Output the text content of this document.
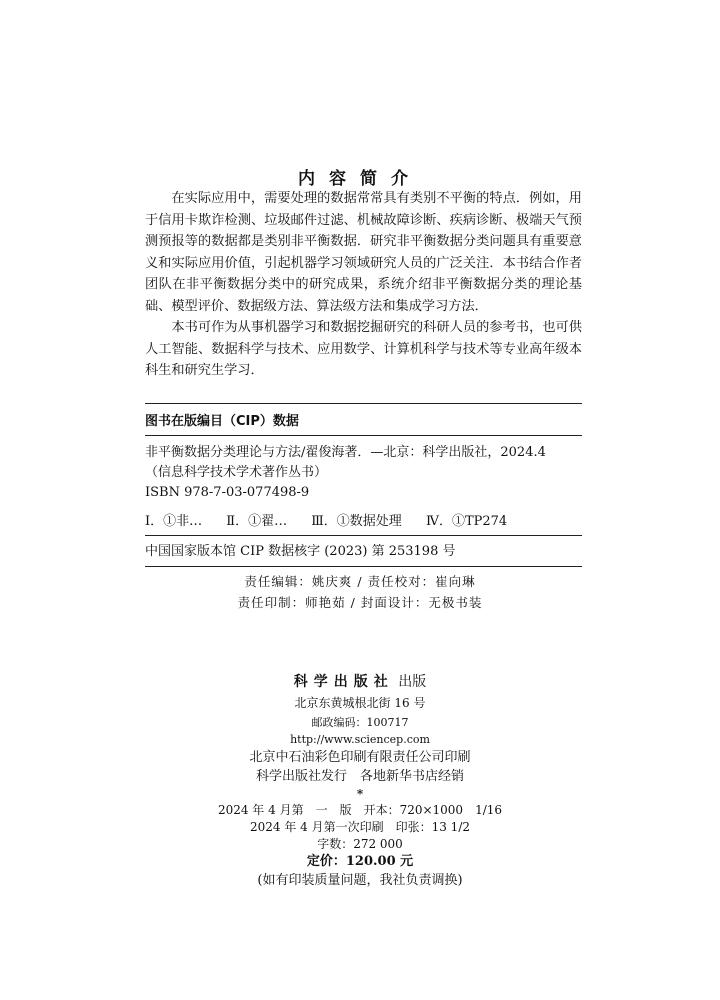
内容简介

在实际应用中，需要处理的数据常常具有类别不平衡的特点．例如，用于信用卡欺诈检测、垃圾邮件过滤、机械故障诊断、疾病诊断、极端天气预测预报等的数据都是类别非平衡数据．研究非平衡数据分类问题具有重要意义和实际应用价值，引起机器学习领域研究人员的广泛关注．本书结合作者团队在非平衡数据分类中的研究成果，系统介绍非平衡数据分类的理论基础、模型评价、数据级方法、算法级方法和集成学习方法．

本书可作为从事机器学习和数据挖掘研究的科研人员的参考书，也可供人工智能、数据科学与技术、应用数学、计算机科学与技术等专业高年级本科生和研究生学习．

图书在版编目（CIP）数据
非平衡数据分类理论与方法/翟俊海著．—北京：科学出版社，2024.4
（信息科学技术学术著作丛书）
ISBN 978-7-03-077498-9
Ⅰ．①非… Ⅱ．①翟… Ⅲ．①数据处理 Ⅳ．①TP274
中国国家版本馆 CIP 数据核字 (2023) 第 253198 号
责任编辑：姚庆爽 / 责任校对：崔向琳
责任印制：师艳茹 / 封面设计：无极书装
科学出版社 出版
北京东黄城根北街 16 号
邮政编码：100717
http://www.sciencep.com
北京中石油彩色印刷有限责任公司印刷
科学出版社发行　各地新华书店经销
*
2024 年 4 月第　一　版　开本：720×1000　1/16
2024 年 4 月第一次印刷　印张：13 1/2
字数：272 000
定价：120.00 元
(如有印装质量问题，我社负责调换)
